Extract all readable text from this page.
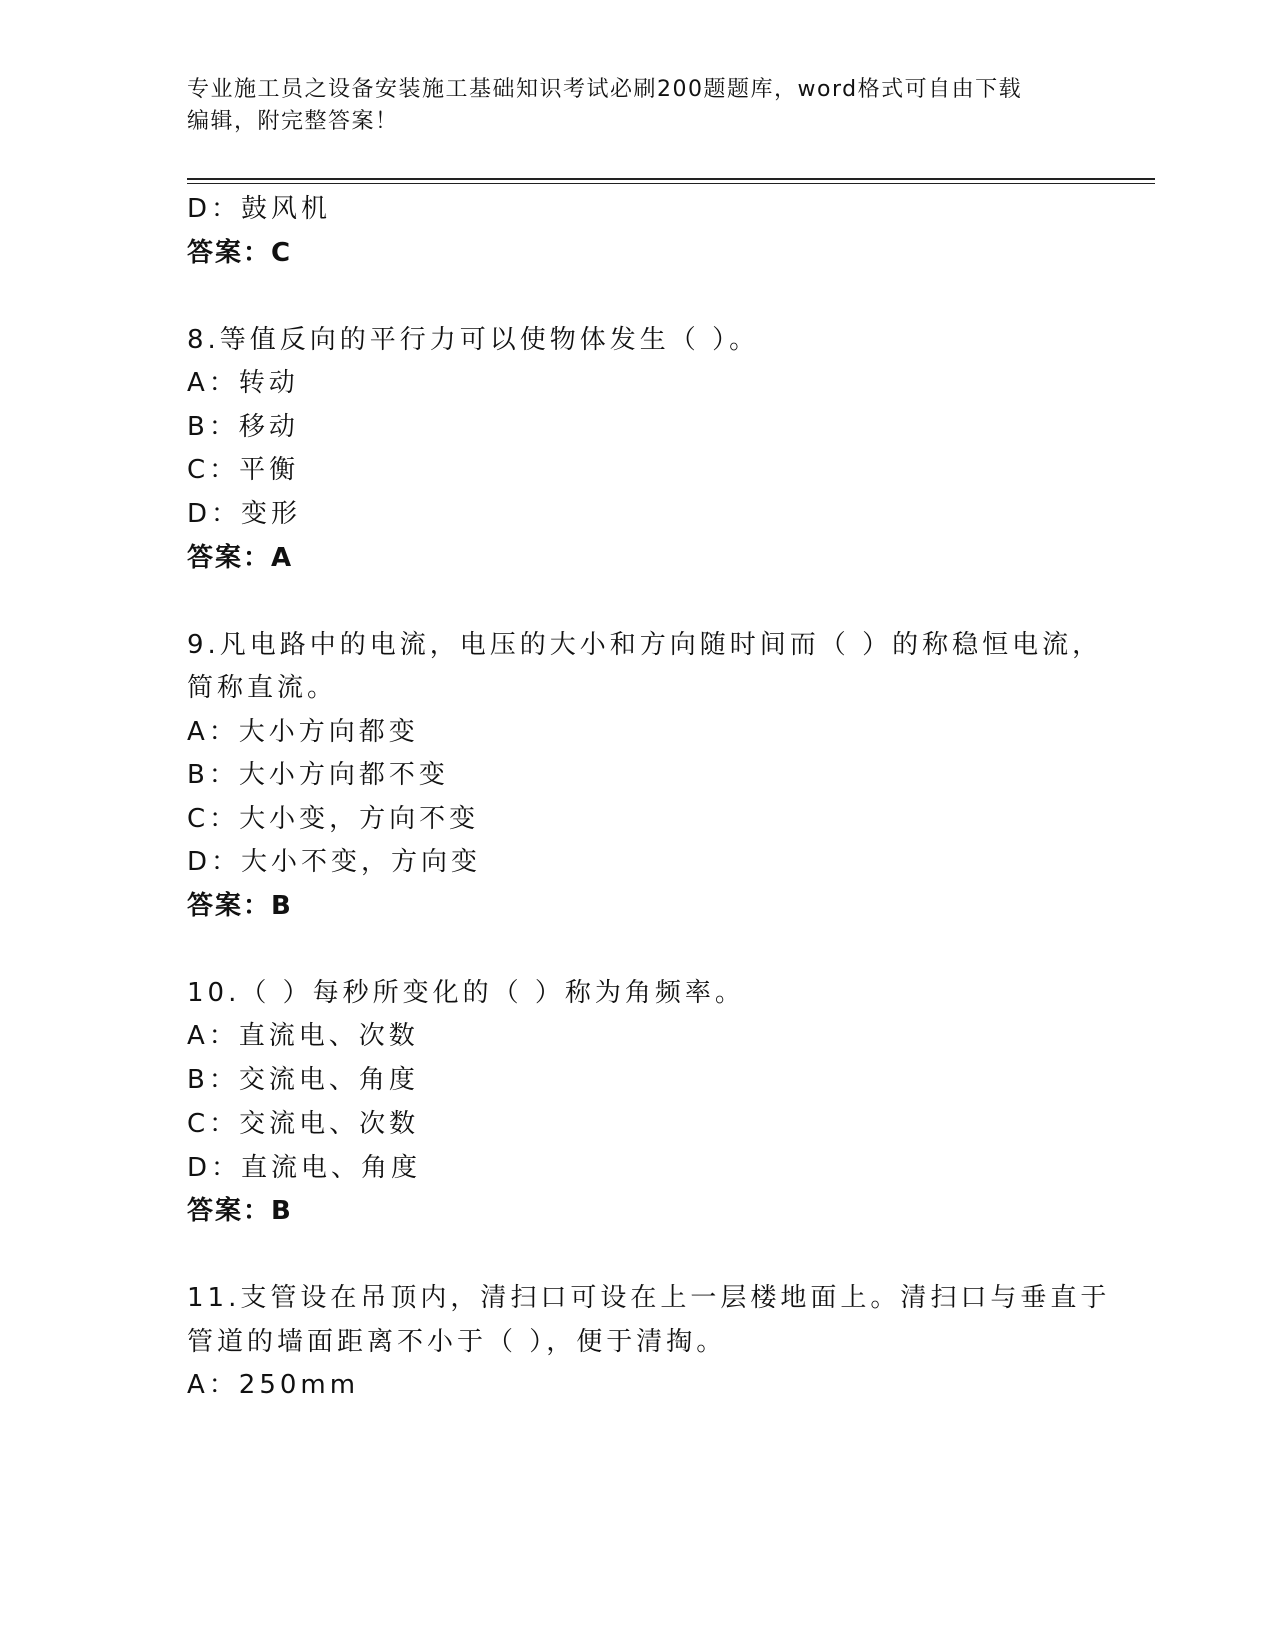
专业施工员之设备安装施工基础知识考试必刷200题题库，word格式可自由下载
编辑，附完整答案！
D：鼓风机
答案：C
8.等值反向的平行力可以使物体发生（ ）。
A：转动
B：移动
C：平衡
D：变形
答案：A
9.凡电路中的电流，电压的大小和方向随时间而（ ）的称稳恒电流，
简称直流。
A：大小方向都变
B：大小方向都不变
C：大小变，方向不变
D：大小不变，方向变
答案：B
10.（ ）每秒所变化的（ ）称为角频率。
A：直流电、次数
B：交流电、角度
C：交流电、次数
D：直流电、角度
答案：B
11.支管设在吊顶内，清扫口可设在上一层楼地面上。清扫口与垂直于
管道的墙面距离不小于（ ），便于清掏。
A：250mm
